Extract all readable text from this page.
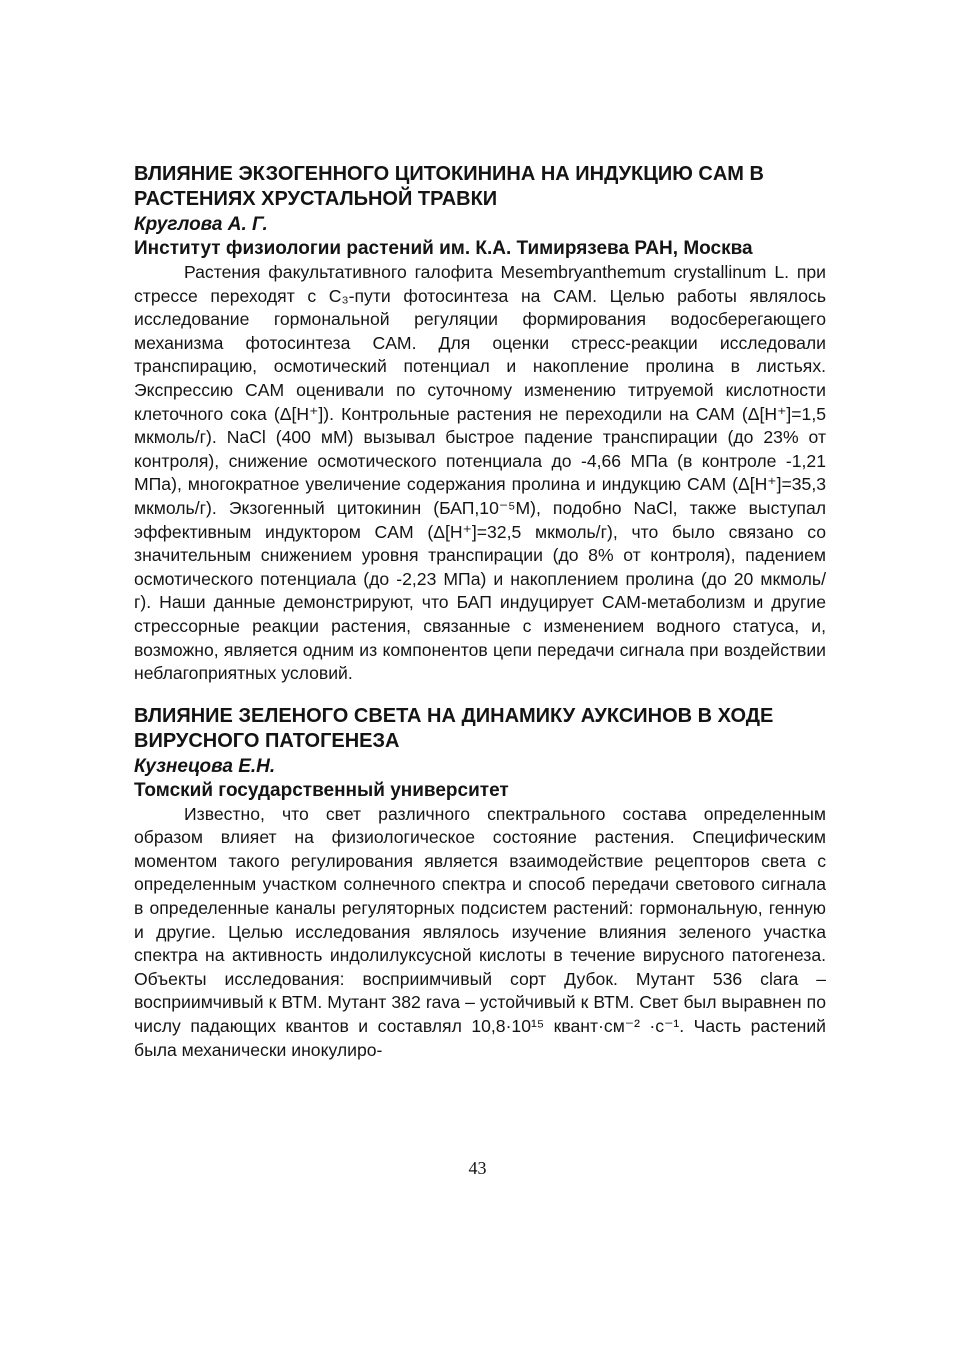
ВЛИЯНИЕ ЭКЗОГЕННОГО ЦИТОКИНИНА НА ИНДУКЦИЮ CAM В РАСТЕНИЯХ ХРУСТАЛЬНОЙ ТРАВКИ

Круглова А. Г.

Институт физиологии растений им. К.А. Тимирязева РАН, Москва

Растения факультативного галофита Mesembryanthemum crystallinum L. при стрессе переходят с C₃-пути фотосинтеза на CAM. Целью работы являлось исследование гормональной регуляции формирования водосберегающего механизма фотосинтеза CAM. Для оценки стресс-реакции исследовали транспирацию, осмотический потенциал и накопление пролина в листьях. Экспрессию CAM оценивали по суточному изменению титруемой кислотности клеточного сока (Δ[H⁺]). Контрольные растения не переходили на CAM (Δ[H⁺]=1,5 мкмоль/г). NaCl (400 мМ) вызывал быстрое падение транспирации (до 23% от контроля), снижение осмотического потенциала до -4,66 МПа (в контроле -1,21 МПа), многократное увеличение содержания пролина и индукцию CAM (Δ[H⁺]=35,3 мкмоль/г). Экзогенный цитокинин (БАП,10⁻⁵М), подобно NaCl, также выступал эффективным индуктором CAM (Δ[H⁺]=32,5 мкмоль/г), что было связано со значительным снижением уровня транспирации (до 8% от контроля), падением осмотического потенциала (до -2,23 МПа) и накоплением пролина (до 20 мкмоль/ г). Наши данные демонстрируют, что БАП индуцирует CAM-метаболизм и другие стрессорные реакции растения, связанные с изменением водного статуса, и, возможно, является одним из компонентов цепи передачи сигнала при воздействии неблагоприятных условий.

ВЛИЯНИЕ ЗЕЛЕНОГО СВЕТА НА ДИНАМИКУ АУКСИНОВ В ХОДЕ ВИРУСНОГО ПАТОГЕНЕЗА

Кузнецова Е.Н.

Томский государственный университет

Известно, что свет различного спектрального состава определенным образом влияет на физиологическое состояние растения. Специфическим моментом такого регулирования является взаимодействие рецепторов света с определенным участком солнечного спектра и способ передачи светового сигнала в определенные каналы регуляторных подсистем растений: гормональную, генную и другие. Целью исследования являлось изучение влияния зеленого участка спектра на активность индолилуксусной кислоты в течение вирусного патогенеза. Объекты исследования: восприимчивый сорт Дубок. Мутант 536 clara – восприимчивый к ВТМ. Мутант 382 rava – устойчивый к ВТМ. Свет был выравнен по числу падающих квантов и составлял 10,8·10¹⁵ квант·см⁻² ·с⁻¹. Часть растений была механически инокулиро-

43
